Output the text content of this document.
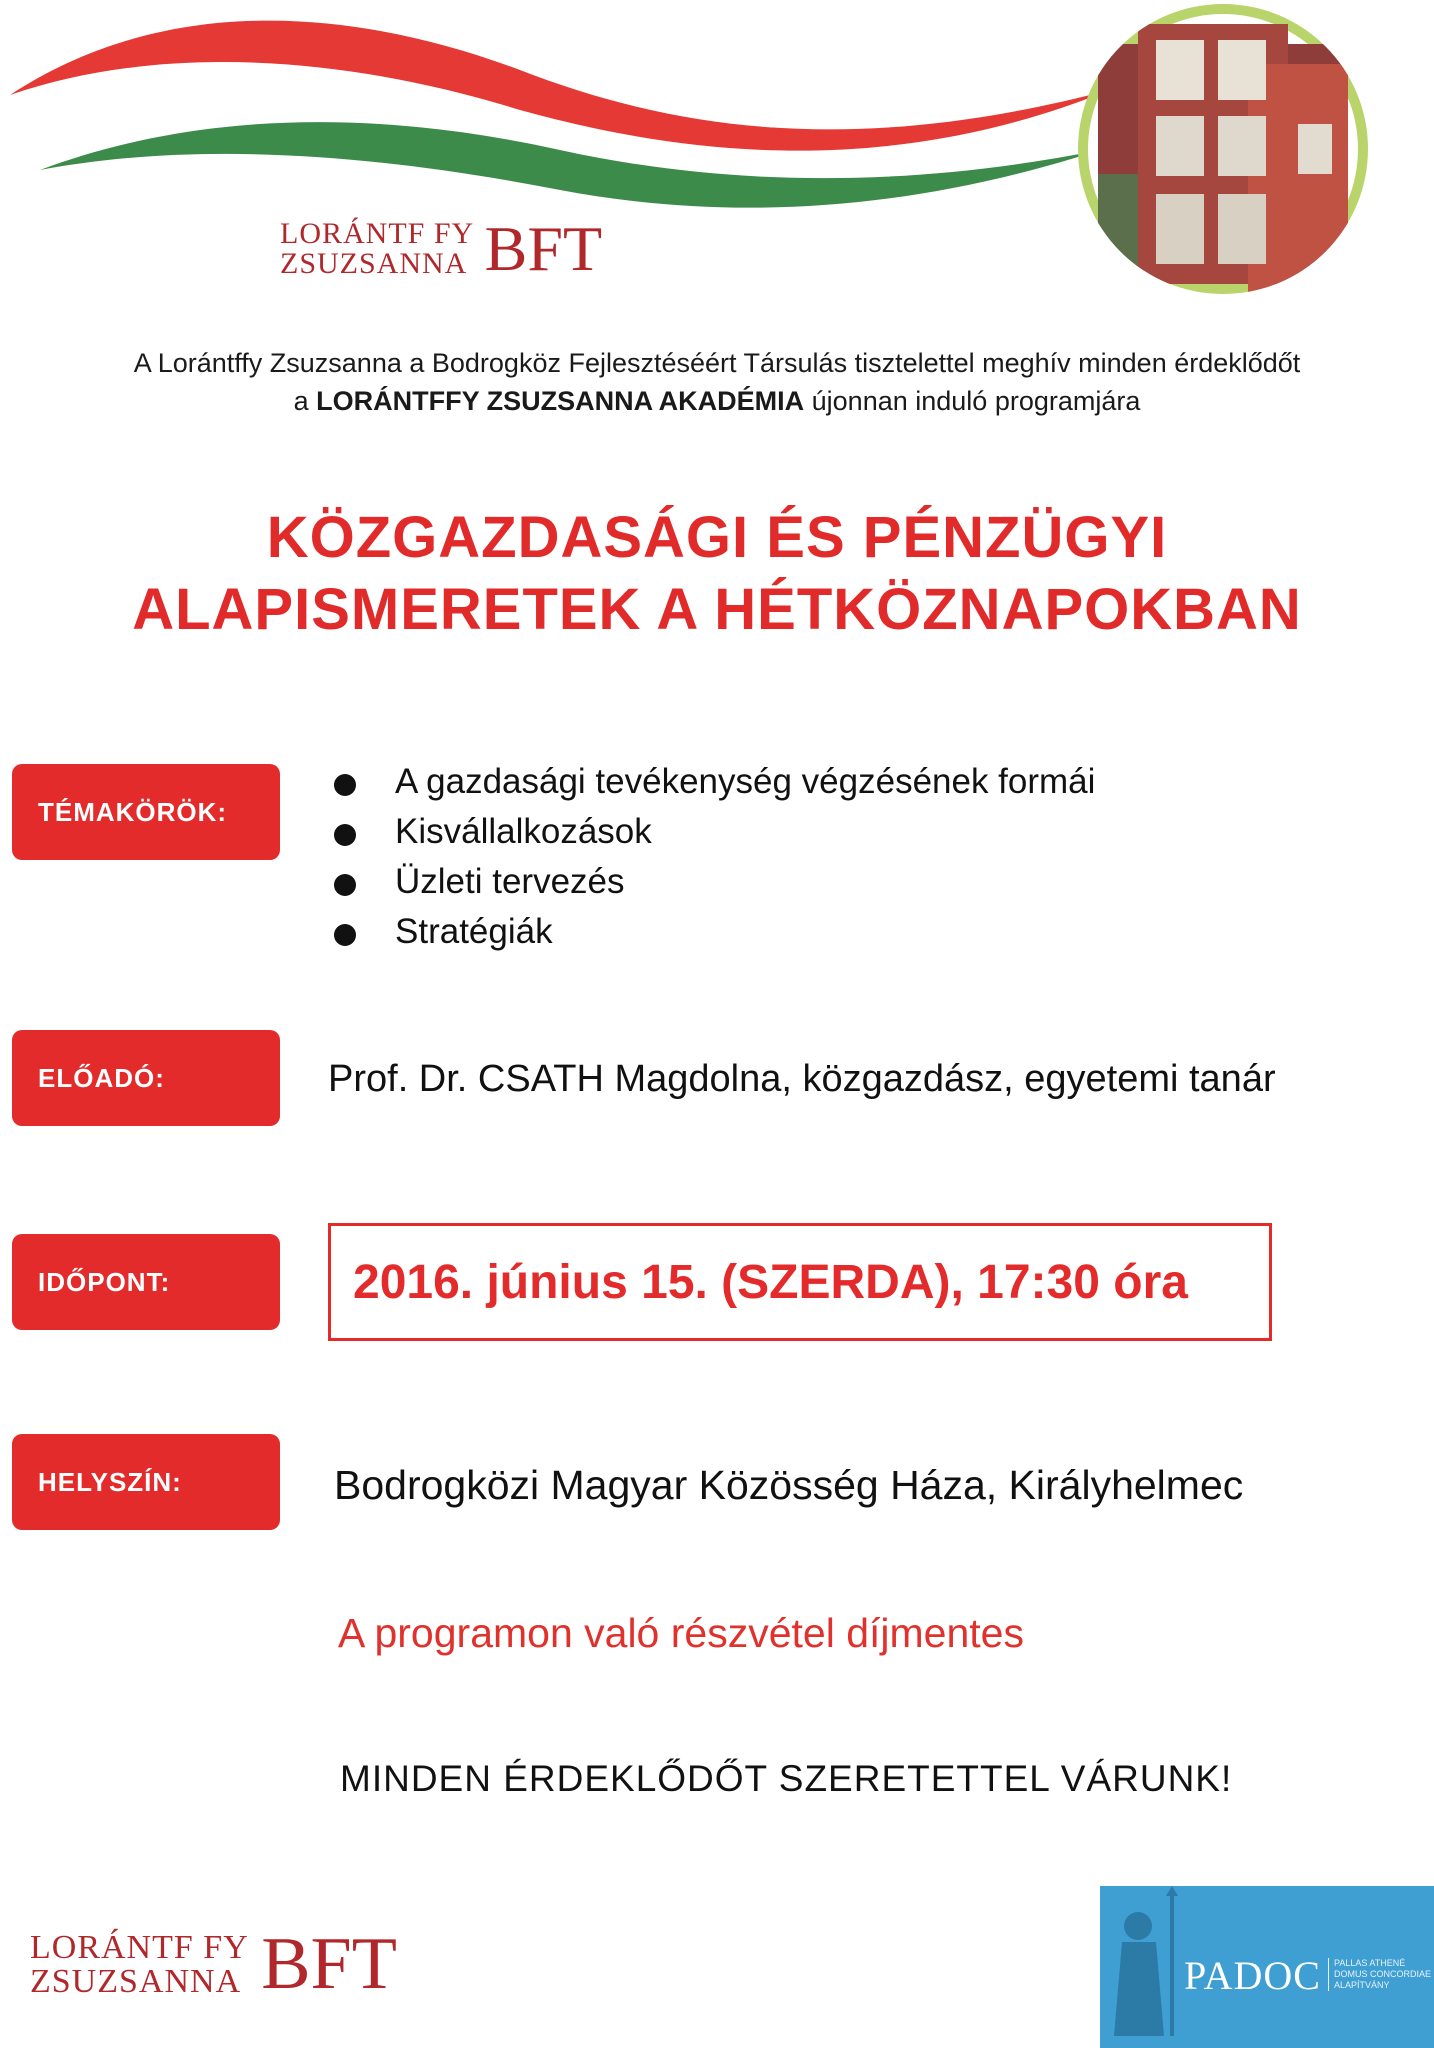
LORÁNTF FY
ZSUZSANNA BFT
A Lorántffy Zsuzsanna a Bodrogköz Fejlesztéséért Társulás tisztelettel meghív minden érdeklődőt
a LORÁNTFFY ZSUZSANNA AKADÉMIA újonnan induló programjára
KÖZGAZDASÁGI ÉS PÉNZÜGYI
ALAPISMERETEK A HÉTKÖZNAPOKBAN
TÉMAKÖRÖK:
A gazdasági tevékenység végzésének formái
Kisvállalkozások
Üzleti tervezés
Stratégiák
ELŐADÓ:	Prof. Dr. CSATH Magdolna, közgazdász, egyetemi tanár
IDŐPONT:	2016. június 15. (SZERDA), 17:30 óra
HELYSZÍN:	Bodrogközi Magyar Közösség Háza, Királyhelmec
A programon való részvétel díjmentes
MINDEN ÉRDEKLŐDŐT SZERETETTEL VÁRUNK!
LORÁNTF FY
ZSUZSANNA BFT	PADOC	PALLAS ATHENÉ DOMUS CONCORDIAE ALAPÍTVÁNY
